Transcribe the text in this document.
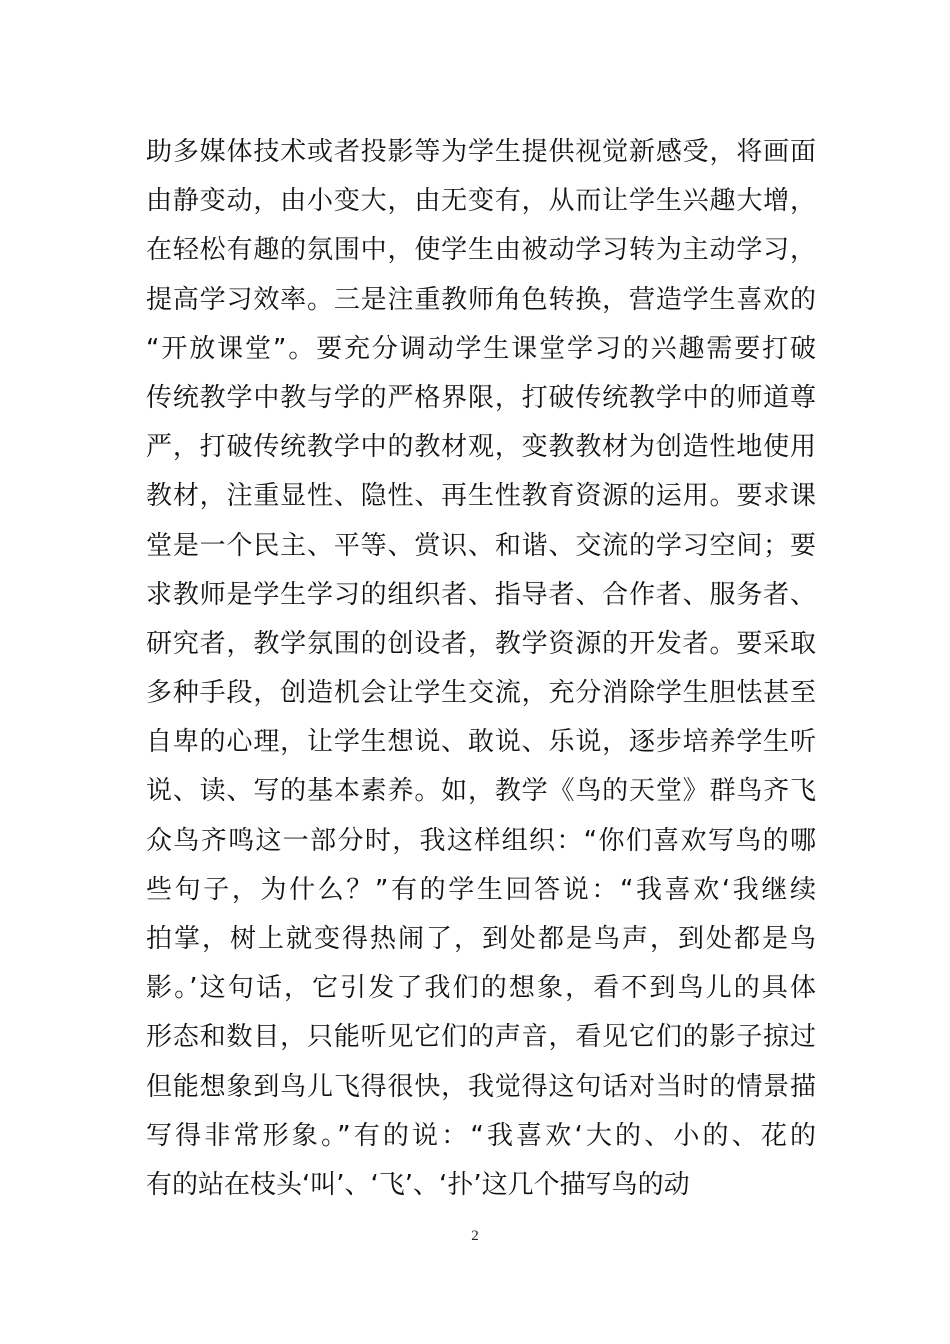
助多媒体技术或者投影等为学生提供视觉新感受，将画面
由静变动，由小变大，由无变有，从而让学生兴趣大增，
在轻松有趣的氛围中，使学生由被动学习转为主动学习，
提高学习效率。三是注重教师角色转换，营造学生喜欢的
“开放课堂”。要充分调动学生课堂学习的兴趣需要打破
传统教学中教与学的严格界限，打破传统教学中的师道尊
严，打破传统教学中的教材观，变教教材为创造性地使用
教材，注重显性、隐性、再生性教育资源的运用。要求课
堂是一个民主、平等、赏识、和谐、交流的学习空间；要
求教师是学生学习的组织者、指导者、合作者、服务者、
研究者，教学氛围的创设者，教学资源的开发者。要采取
多种手段，创造机会让学生交流，充分消除学生胆怯甚至
自卑的心理，让学生想说、敢说、乐说，逐步培养学生听
说、读、写的基本素养。如，教学《鸟的天堂》群鸟齐飞
众鸟齐鸣这一部分时，我这样组织：“你们喜欢写鸟的哪
些句子，为什么？”有的学生回答说：“我喜欢‘我继续
拍掌，树上就变得热闹了，到处都是鸟声，到处都是鸟
影。’这句话，它引发了我们的想象，看不到鸟儿的具体
形态和数目，只能听见它们的声音，看见它们的影子掠过
但能想象到鸟儿飞得很快，我觉得这句话对当时的情景描
写得非常形象。”有的说：“我喜欢‘大的、小的、花的
有的站在枝头‘叫’、‘飞’、‘扑’这几个描写鸟的动
2
